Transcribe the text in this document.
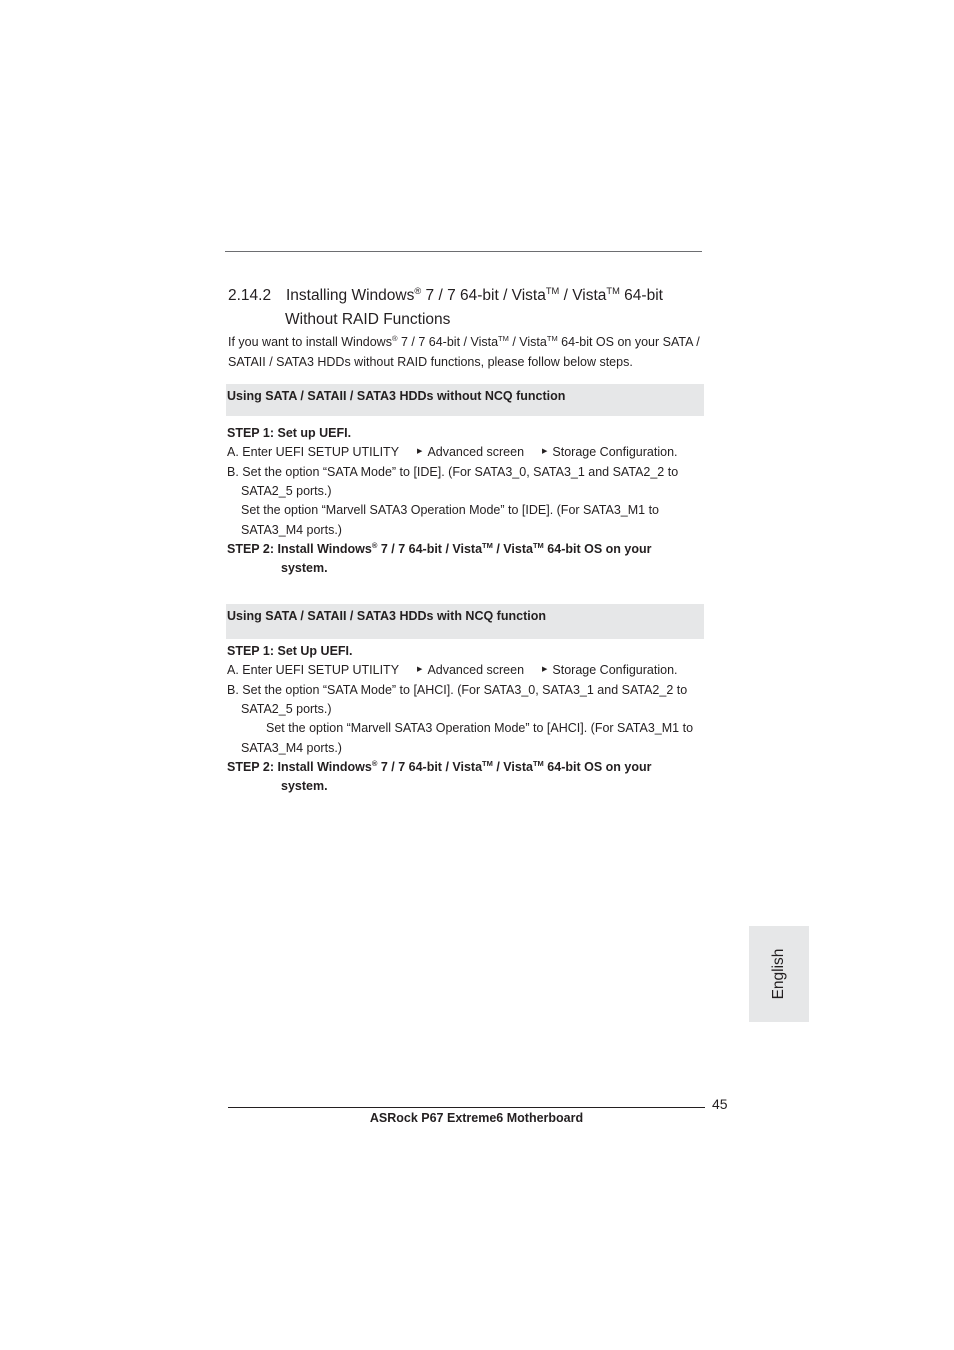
2.14.2 Installing Windows® 7 / 7 64-bit / Vista™ / Vista™ 64-bit
Without RAID Functions
If you want to install Windows® 7 / 7 64-bit / Vista™ / Vista™ 64-bit OS on your SATA / SATAII / SATA3 HDDs without RAID functions, please follow below steps.
Using SATA / SATAII / SATA3 HDDs without NCQ function
STEP 1: Set up UEFI.
A. Enter UEFI SETUP UTILITY	▶ Advanced screen	▶ Storage Configuration.
B. Set the option “SATA Mode” to [IDE]. (For SATA3_0, SATA3_1 and SATA2_2 to
SATA2_5 ports.)
Set the option “Marvell SATA3 Operation Mode” to [IDE]. (For SATA3_M1 to
SATA3_M4 ports.)
STEP 2: Install Windows® 7 / 7 64-bit / Vista™ / Vista™ 64-bit OS on your
system.
Using SATA / SATAII / SATA3 HDDs with NCQ function
STEP 1: Set Up UEFI.
A. Enter UEFI SETUP UTILITY	▶ Advanced screen	▶ Storage Configuration.
B. Set the option “SATA Mode” to [AHCI]. (For SATA3_0, SATA3_1 and SATA2_2 to
SATA2_5 ports.)
Set the option “Marvell SATA3 Operation Mode” to [AHCI]. (For SATA3_M1 to
SATA3_M4 ports.)
STEP 2: Install Windows® 7 / 7 64-bit / Vista™ / Vista™ 64-bit OS on your
system.
English
45
ASRock P67 Extreme6 Motherboard
